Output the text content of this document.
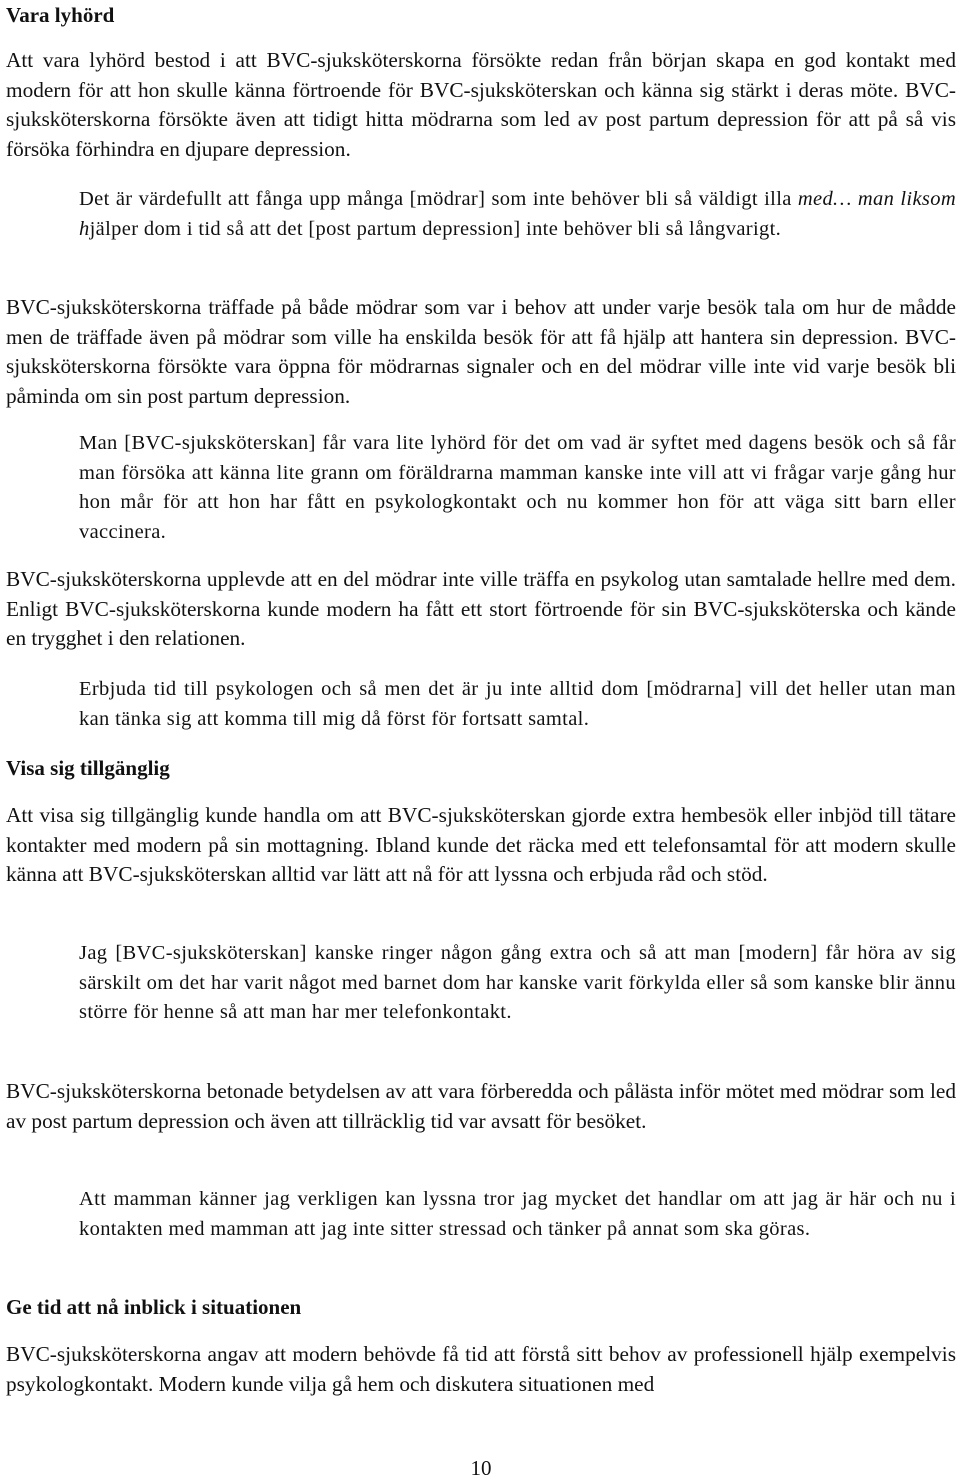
Vara lyhörd

Att vara lyhörd bestod i att BVC-sjuksköterskorna försökte redan från början skapa en god kontakt med modern för att hon skulle känna förtroende för BVC-sjuksköterskan och känna sig stärkt i deras möte. BVC-sjuksköterskorna försökte även att tidigt hitta mödrarna som led av post partum depression för att på så vis försöka förhindra en djupare depression.

Det är värdefullt att fånga upp många [mödrar] som inte behöver bli så väldigt illa med… man liksom hjälper dom i tid så att det [post partum depression] inte behöver bli så långvarigt.

BVC-sjuksköterskorna träffade på både mödrar som var i behov att under varje besök tala om hur de mådde men de träffade även på mödrar som ville ha enskilda besök för att få hjälp att hantera sin depression. BVC-sjuksköterskorna försökte vara öppna för mödrarnas signaler och en del mödrar ville inte vid varje besök bli påminda om sin post partum depression.

Man [BVC-sjuksköterskan] får vara lite lyhörd för det om vad är syftet med dagens besök och så får man försöka att känna lite grann om föräldrarna mamman kanske inte vill att vi frågar varje gång hur hon mår för att hon har fått en psykologkontakt och nu kommer hon för att väga sitt barn eller vaccinera.

BVC-sjuksköterskorna upplevde att en del mödrar inte ville träffa en psykolog utan samtalade hellre med dem. Enligt BVC-sjuksköterskorna kunde modern ha fått ett stort förtroende för sin BVC-sjuksköterska och kände en trygghet i den relationen.

Erbjuda tid till psykologen och så men det är ju inte alltid dom [mödrarna] vill det heller utan man kan tänka sig att komma till mig då först för fortsatt samtal.

Visa sig tillgänglig

Att visa sig tillgänglig kunde handla om att BVC-sjuksköterskan gjorde extra hembesök eller inbjöd till tätare kontakter med modern på sin mottagning. Ibland kunde det räcka med ett telefonsamtal för att modern skulle känna att BVC-sjuksköterskan alltid var lätt att nå för att lyssna och erbjuda råd och stöd.

Jag [BVC-sjuksköterskan] kanske ringer någon gång extra och så att man [modern] får höra av sig särskilt om det har varit något med barnet dom har kanske varit förkylda eller så som kanske blir ännu större för henne så att man har mer telefonkontakt.

BVC-sjuksköterskorna betonade betydelsen av att vara förberedda och pålästa inför mötet med mödrar som led av post partum depression och även att tillräcklig tid var avsatt för besöket.

Att mamman känner jag verkligen kan lyssna tror jag mycket det handlar om att jag är här och nu i kontakten med mamman att jag inte sitter stressad och tänker på annat som ska göras.

Ge tid att nå inblick i situationen

BVC-sjuksköterskorna angav att modern behövde få tid att förstå sitt behov av professionell hjälp exempelvis psykologkontakt. Modern kunde vilja gå hem och diskutera situationen med

10
